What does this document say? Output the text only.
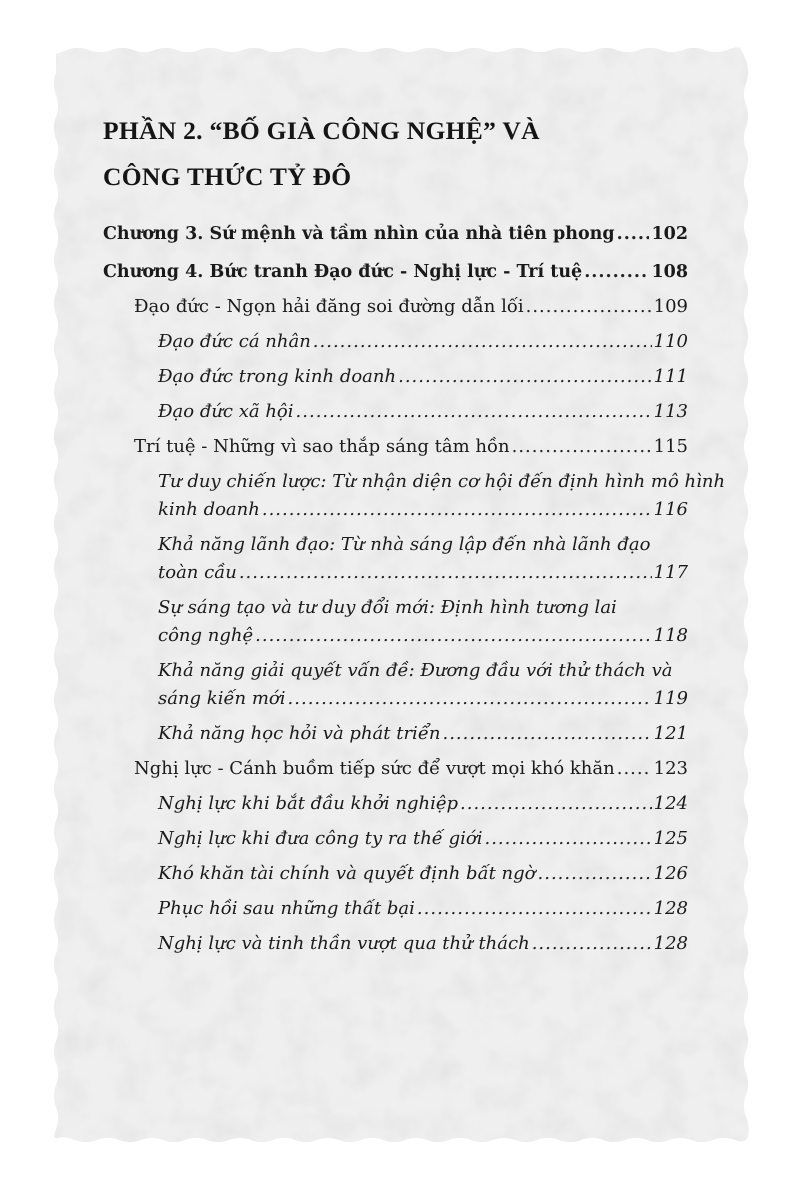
PHẦN 2. “BỐ GIÀ CÔNG NGHỆ” VÀ
CÔNG THỨC TỶ ĐÔ
Chương 3. Sứ mệnh và tầm nhìn của nhà tiên phong ..... 102
Chương 4. Bức tranh Đạo đức - Nghị lực - Trí tuệ .....	108
Đạo đức - Ngọn hải đăng soi đường dẫn lối .....	109
Đạo đức cá nhân .....	110
Đạo đức trong kinh doanh .....	111
Đạo đức xã hội .....	113
Trí tuệ - Những vì sao thắp sáng tâm hồn .....	115
Tư duy chiến lược: Từ nhận diện cơ hội đến định hình mô hình
kinh doanh .....	116
Khả năng lãnh đạo: Từ nhà sáng lập đến nhà lãnh đạo
toàn cầu .....	117
Sự sáng tạo và tư duy đổi mới: Định hình tương lai
công nghệ .....	118
Khả năng giải quyết vấn đề: Đương đầu với thử thách và
sáng kiến mới .....	119
Khả năng học hỏi và phát triển .....	121
Nghị lực - Cánh buồm tiếp sức để vượt mọi khó khăn ..... 123
Nghị lực khi bắt đầu khởi nghiệp .....	124
Nghị lực khi đưa công ty ra thế giới .....	125
Khó khăn tài chính và quyết định bất ngờ .....	126
Phục hồi sau những thất bại .....	128
Nghị lực và tinh thần vượt qua thử thách .....	128
